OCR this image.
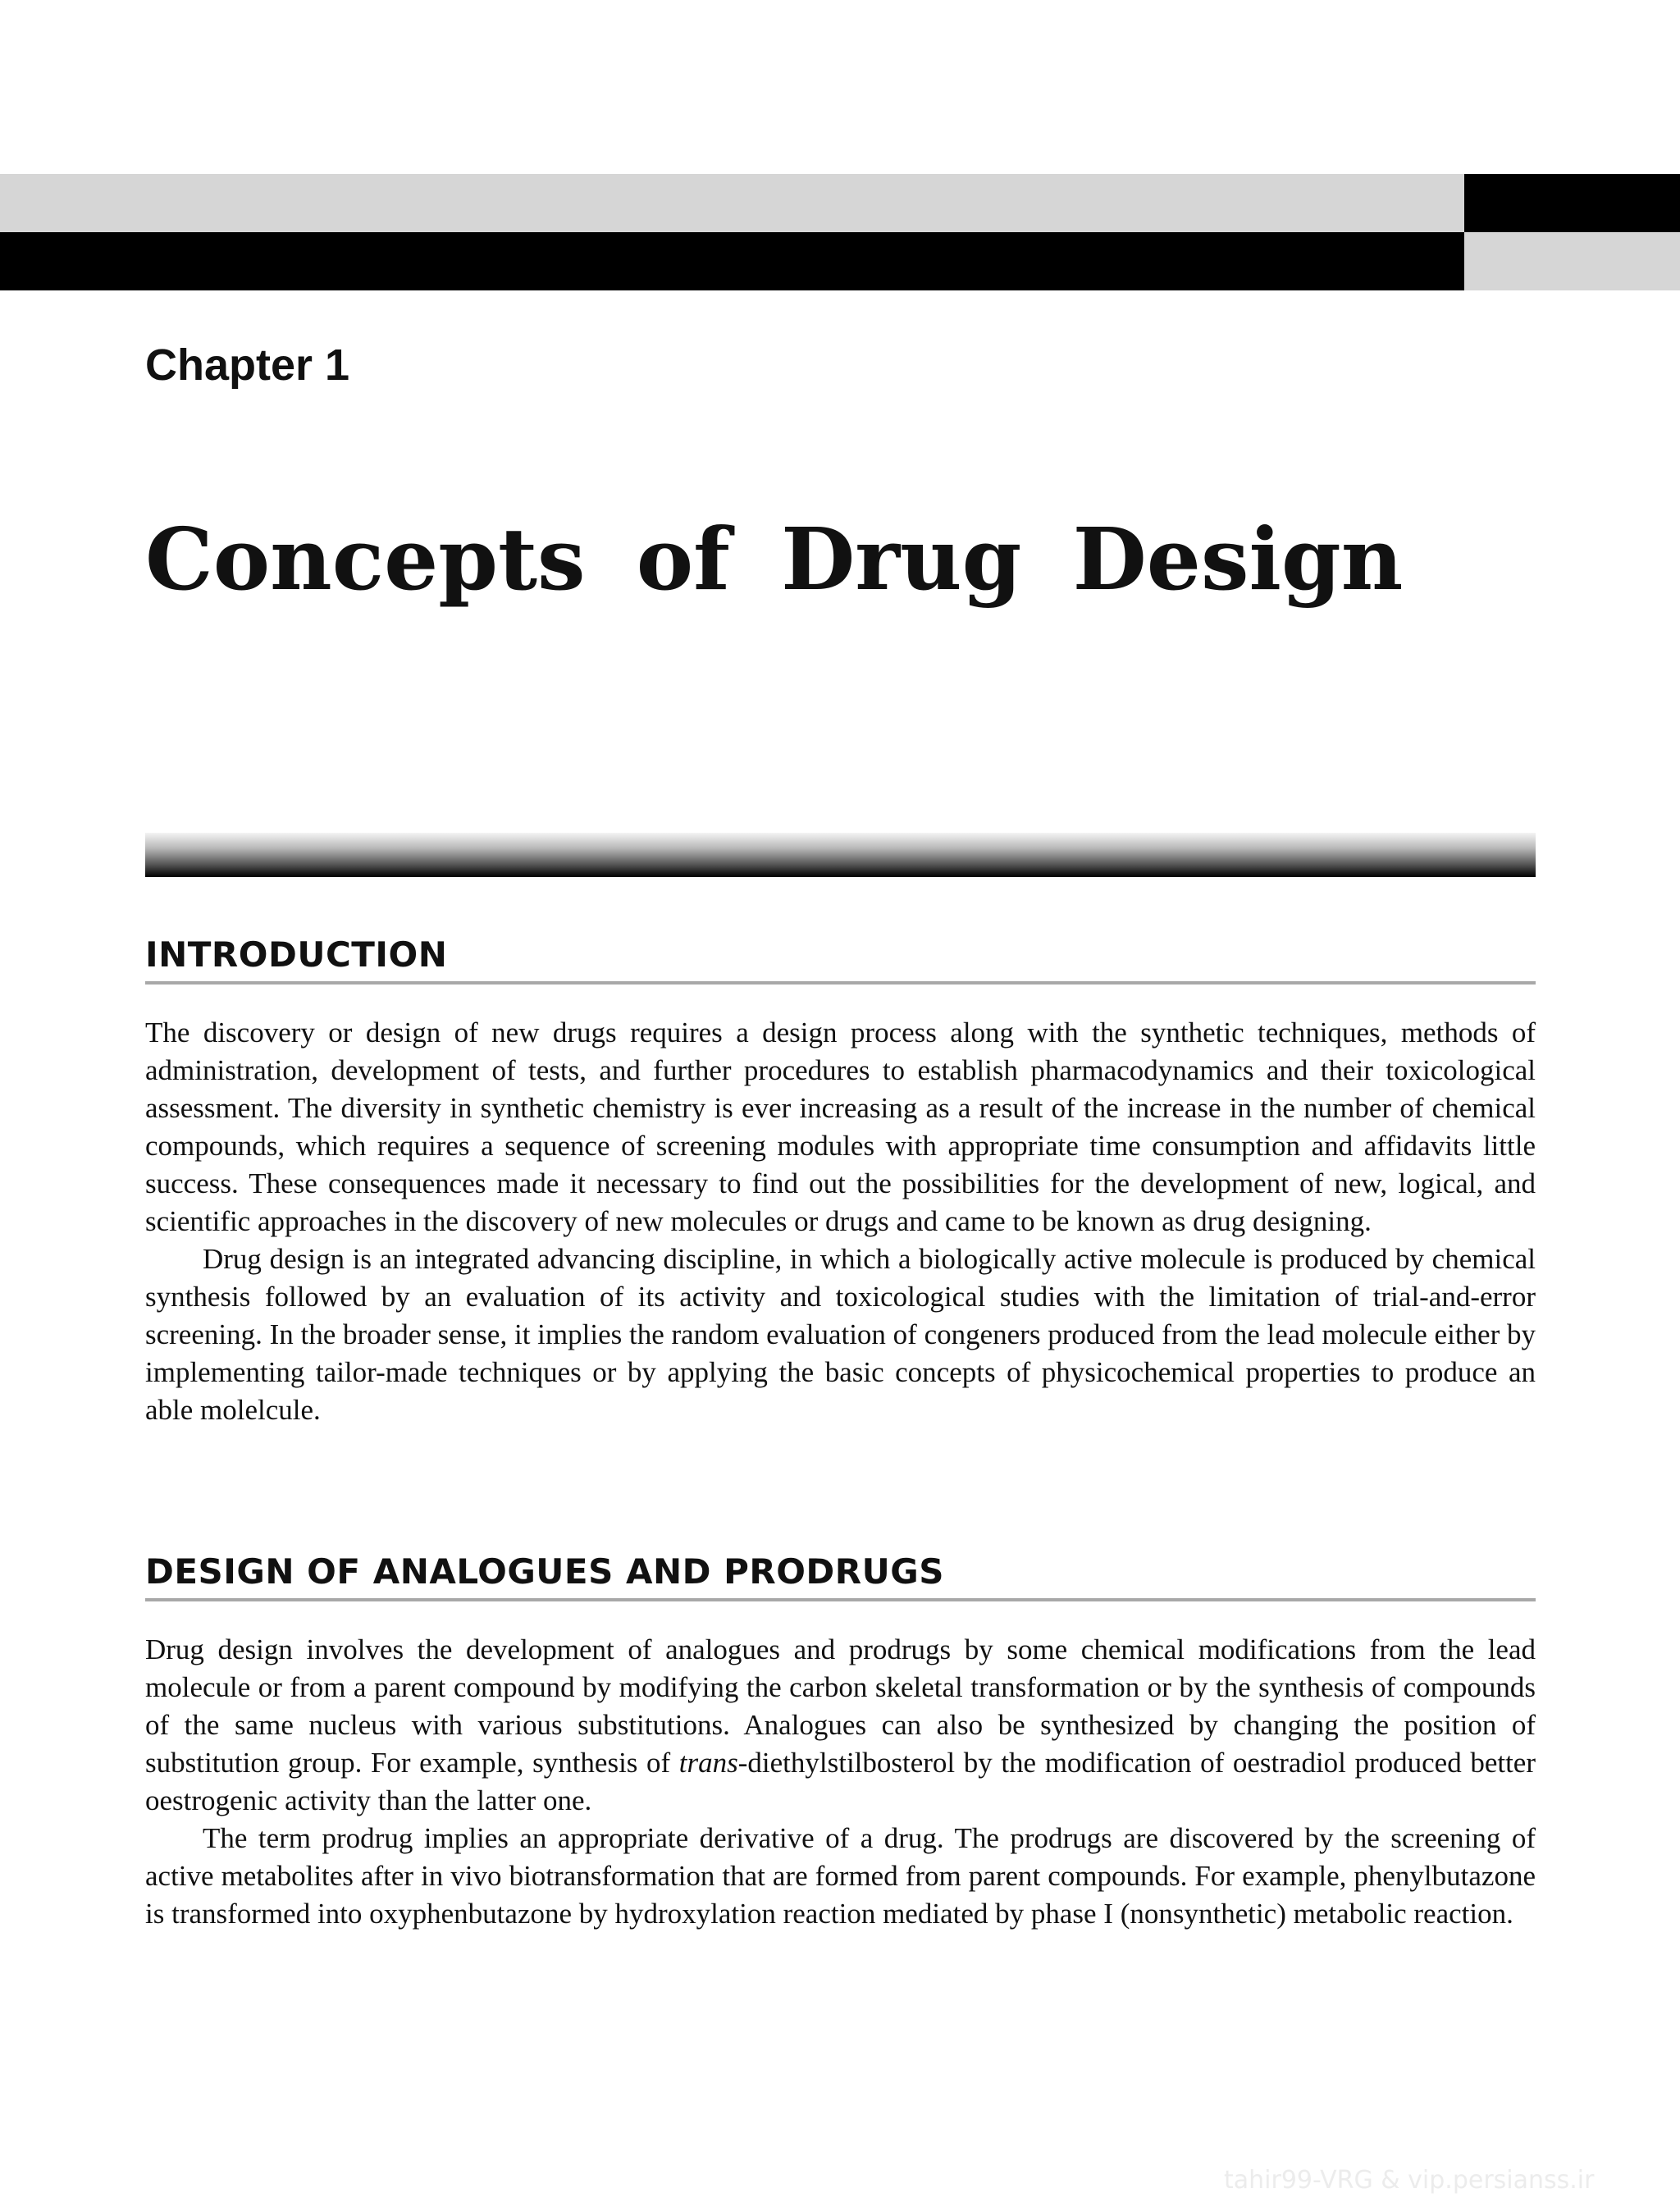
Chapter 1
Concepts of Drug Design
INTRODUCTION

The discovery or design of new drugs requires a design process along with the synthetic techniques, methods of administration, development of tests, and further procedures to establish pharmacodynamics and their toxicological assessment. The diversity in synthetic chemistry is ever increasing as a result of the increase in the number of chemical compounds, which requires a sequence of screening modules with appropriate time consumption and affidavits little success. These consequences made it necessary to find out the possibilities for the development of new, logical, and scientific approaches in the discovery of new molecules or drugs and came to be known as drug designing.

Drug design is an integrated advancing discipline, in which a biologically active molecule is produced by chemical synthesis followed by an evaluation of its activity and toxicological studies with the limitation of trial-and-error screening. In the broader sense, it implies the random evaluation of congeners produced from the lead molecule either by implementing tailor-made techniques or by applying the basic concepts of physicochemical properties to produce an able molelcule.

DESIGN OF ANALOGUES AND PRODRUGS

Drug design involves the development of analogues and prodrugs by some chemical modifications from the lead molecule or from a parent compound by modifying the carbon skeletal transformation or by the synthesis of compounds of the same nucleus with various substitutions. Analogues can also be synthesized by changing the position of substitution group. For example, synthesis of trans-diethylstilbosterol by the modification of oestradiol produced better oestrogenic activity than the latter one.

The term prodrug implies an appropriate derivative of a drug. The prodrugs are discovered by the screening of active metabolites after in vivo biotransformation that are formed from parent compounds. For example, phenylbutazone is transformed into oxyphenbutazone by hydroxylation reaction mediated by phase I (nonsynthetic) metabolic reaction.

tahir99-VRG & vip.persianss.ir
